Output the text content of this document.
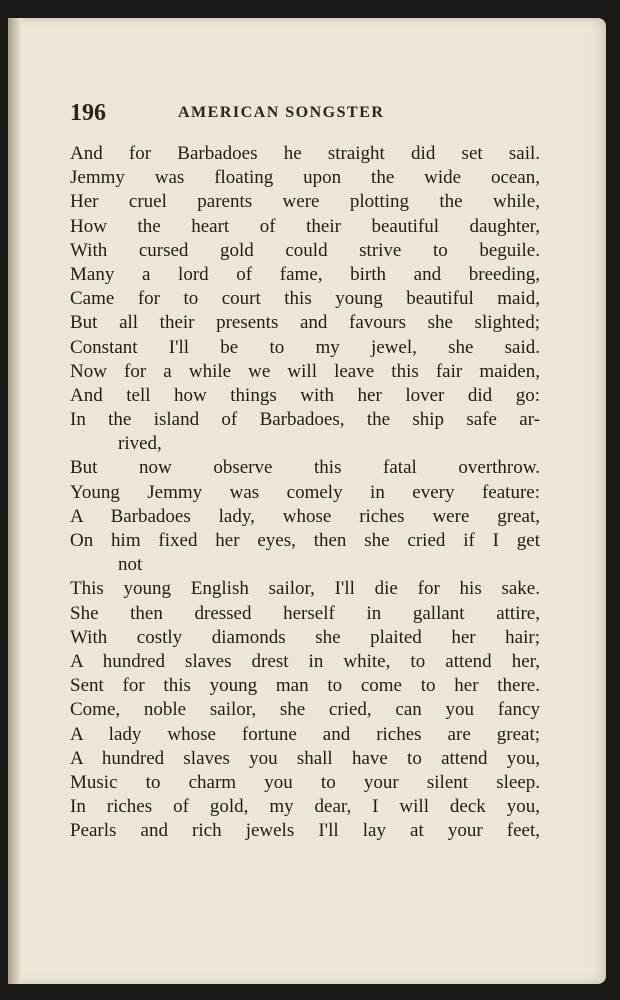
196	AMERICAN SONGSTER
And for Barbadoes he straight did set sail.
Jemmy was floating upon the wide ocean,
Her cruel parents were plotting the while,
How the heart of their beautiful daughter,
With cursed gold could strive to beguile.
Many a lord of fame, birth and breeding,
Came for to court this young beautiful maid,
But all their presents and favours she slighted;
Constant I'll be to my jewel, she said.
Now for a while we will leave this fair maiden,
And tell how things with her lover did go:
In the island of Barbadoes, the ship safe ar-
rived,
But now observe this fatal overthrow.
Young Jemmy was comely in every feature:
A Barbadoes lady, whose riches were great,
On him fixed her eyes, then she cried if I get
not
This young English sailor, I'll die for his sake.
She then dressed herself in gallant attire,
With costly diamonds she plaited her hair;
A hundred slaves drest in white, to attend her,
Sent for this young man to come to her there.
Come, noble sailor, she cried, can you fancy
A lady whose fortune and riches are great;
A hundred slaves you shall have to attend you,
Music to charm you to your silent sleep.
In riches of gold, my dear, I will deck you,
Pearls and rich jewels I'll lay at your feet,
